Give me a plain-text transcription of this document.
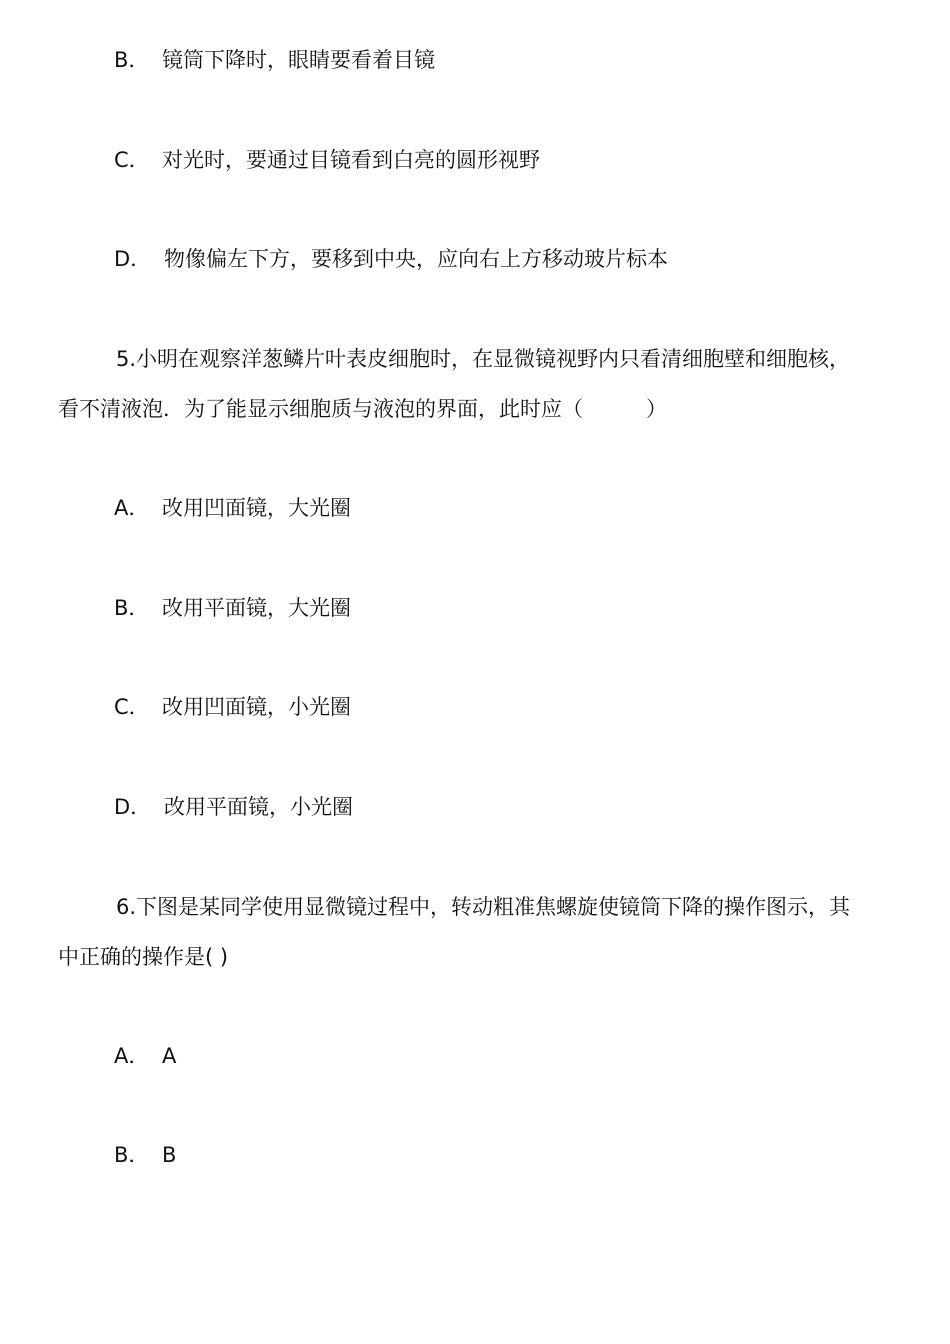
B． 镜筒下降时，眼睛要看着目镜
C． 对光时，要通过目镜看到白亮的圆形视野
D． 物像偏左下方，要移到中央，应向右上方移动玻片标本
5.小明在观察洋葱鳞片叶表皮细胞时，在显微镜视野内只看清细胞壁和细胞核，
看不清液泡．为了能显示细胞质与液泡的界面，此时应（　　　）
A． 改用凹面镜，大光圈
B． 改用平面镜，大光圈
C． 改用凹面镜，小光圈
D． 改用平面镜，小光圈
6.下图是某同学使用显微镜过程中，转动粗准焦螺旋使镜筒下降的操作图示，其
中正确的操作是( )
A． A
B． B
